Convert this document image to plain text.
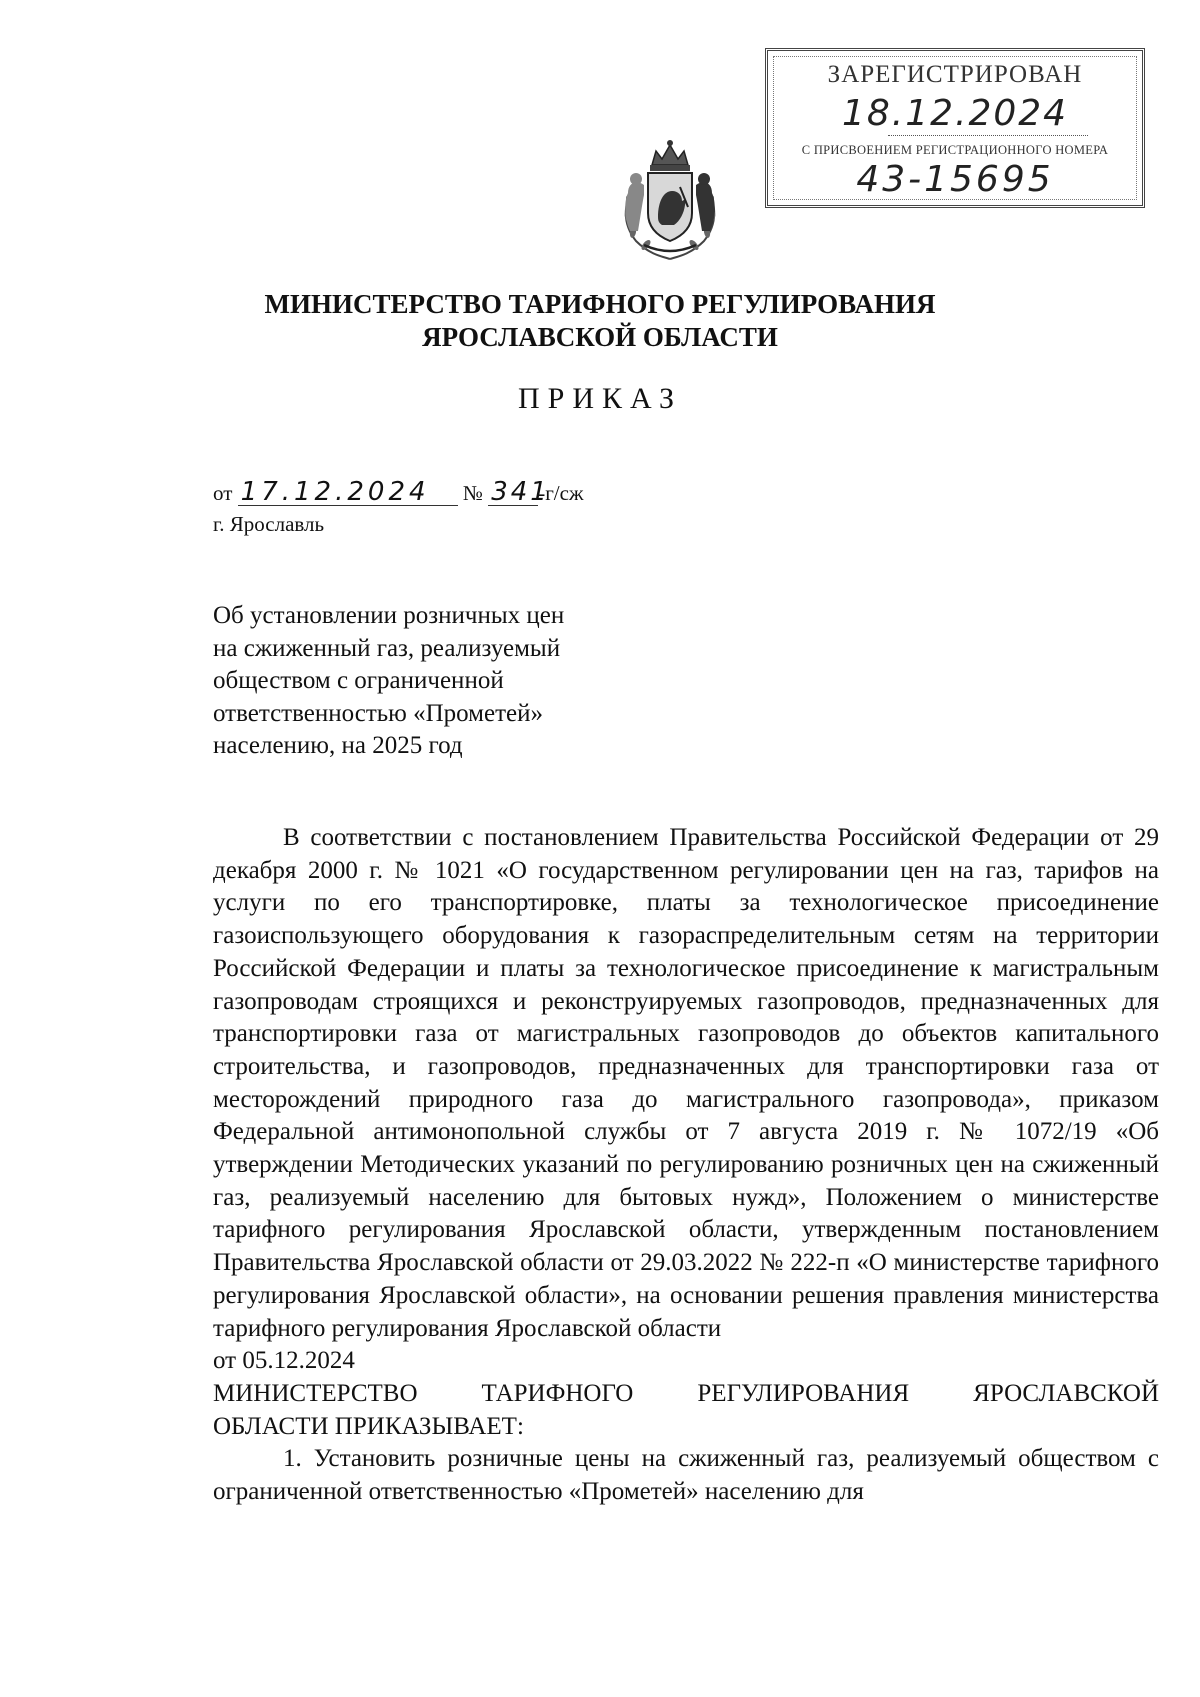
ЗАРЕГИСТРИРОВАН
18.12.2024
С ПРИСВОЕНИЕМ РЕГИСТРАЦИОННОГО НОМЕРА
43-15695
МИНИСТЕРСТВО ТАРИФНОГО РЕГУЛИРОВАНИЯ
ЯРОСЛАВСКОЙ ОБЛАСТИ
ПРИКАЗ
от 17.12.2024 № 341-г/сж
г. Ярославль
Об установлении розничных цен
на сжиженный газ, реализуемый
обществом с ограниченной
ответственностью «Прометей»
населению, на 2025 год

В соответствии с постановлением Правительства Российской Федерации от 29 декабря 2000 г. № 1021 «О государственном регулировании цен на газ, тарифов на услуги по его транспортировке, платы за технологическое присоединение газоиспользующего оборудования к газораспределительным сетям на территории Российской Федерации и платы за технологическое присоединение к магистральным газопроводам строящихся и реконструируемых газопроводов, предназначенных для транспортировки газа от магистральных газопроводов до объектов капитального строительства, и газопроводов, предназначенных для транспортировки газа от месторождений природного газа до магистрального газопровода», приказом Федеральной антимонопольной службы от 7 августа 2019 г. № 1072/19 «Об утверждении Методических указаний по регулированию розничных цен на сжиженный газ, реализуемый населению для бытовых нужд», Положением о министерстве тарифного регулирования Ярославской области, утвержденным постановлением Правительства Ярославской области от 29.03.2022 № 222-п «О министерстве тарифного регулирования Ярославской области», на основании решения правления министерства тарифного регулирования Ярославской области

от 05.12.2024

МИНИСТЕРСТВО ТАРИФНОГО РЕГУЛИРОВАНИЯ ЯРОСЛАВСКОЙ

ОБЛАСТИ ПРИКАЗЫВАЕТ:

1. Установить розничные цены на сжиженный газ, реализуемый обществом с ограниченной ответственностью «Прометей» населению для
